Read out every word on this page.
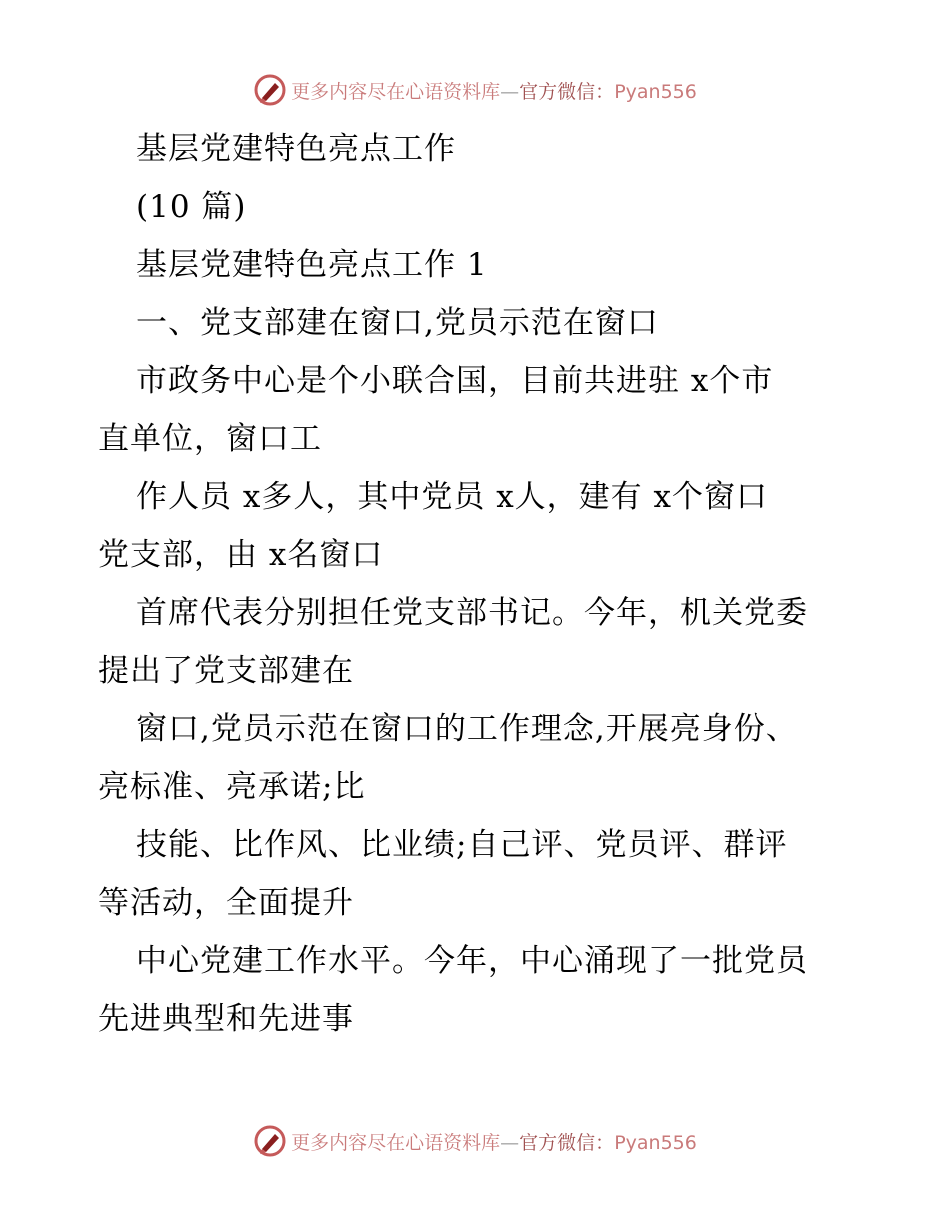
更多内容尽在心语资料库—官方微信：Pyan556
基层党建特色亮点工作
(10 篇)
基层党建特色亮点工作 1
一、党支部建在窗口,党员示范在窗口
市政务中心是个小联合国，目前共进驻 x个市
直单位，窗口工
作人员 x多人，其中党员 x人，建有 x个窗口
党支部，由 x名窗口
首席代表分别担任党支部书记。今年，机关党委
提出了党支部建在
窗口,党员示范在窗口的工作理念,开展亮身份、
亮标准、亮承诺;比
技能、比作风、比业绩;自己评、党员评、群评
等活动，全面提升
中心党建工作水平。今年，中心涌现了一批党员
先进典型和先进事
更多内容尽在心语资料库—官方微信：Pyan556
